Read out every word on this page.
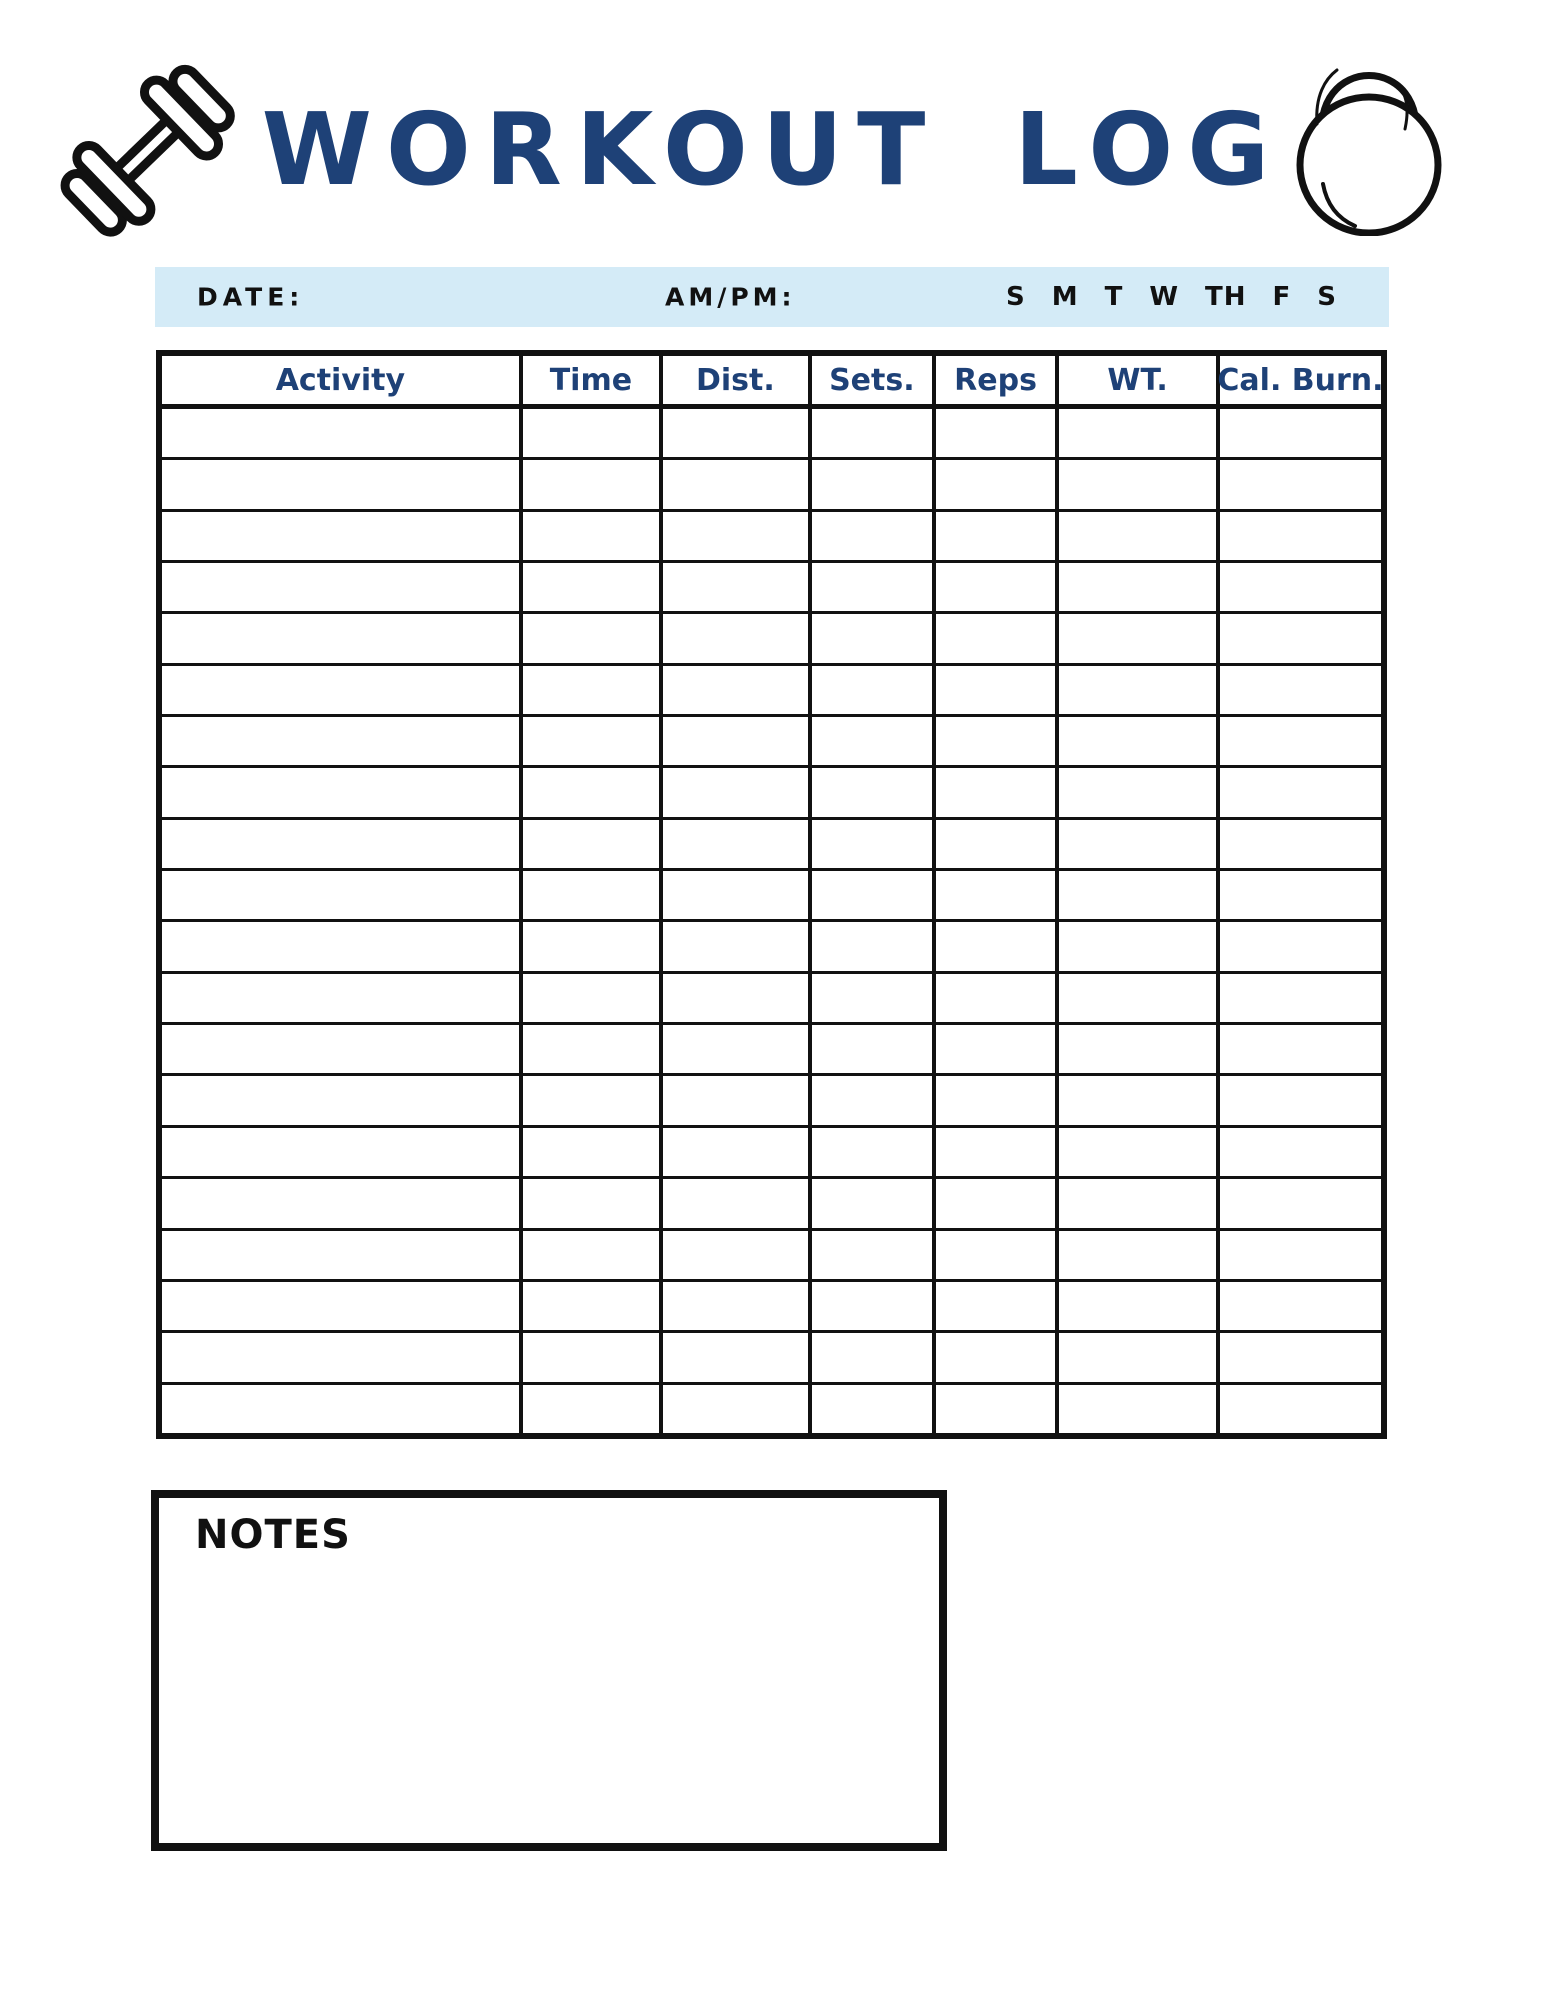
WORKOUT LOG
DATE:	AM/PM:	S M T W TH F S
Activity	Time	Dist.	Sets.	Reps	WT.	Cal. Burn.
NOTES
